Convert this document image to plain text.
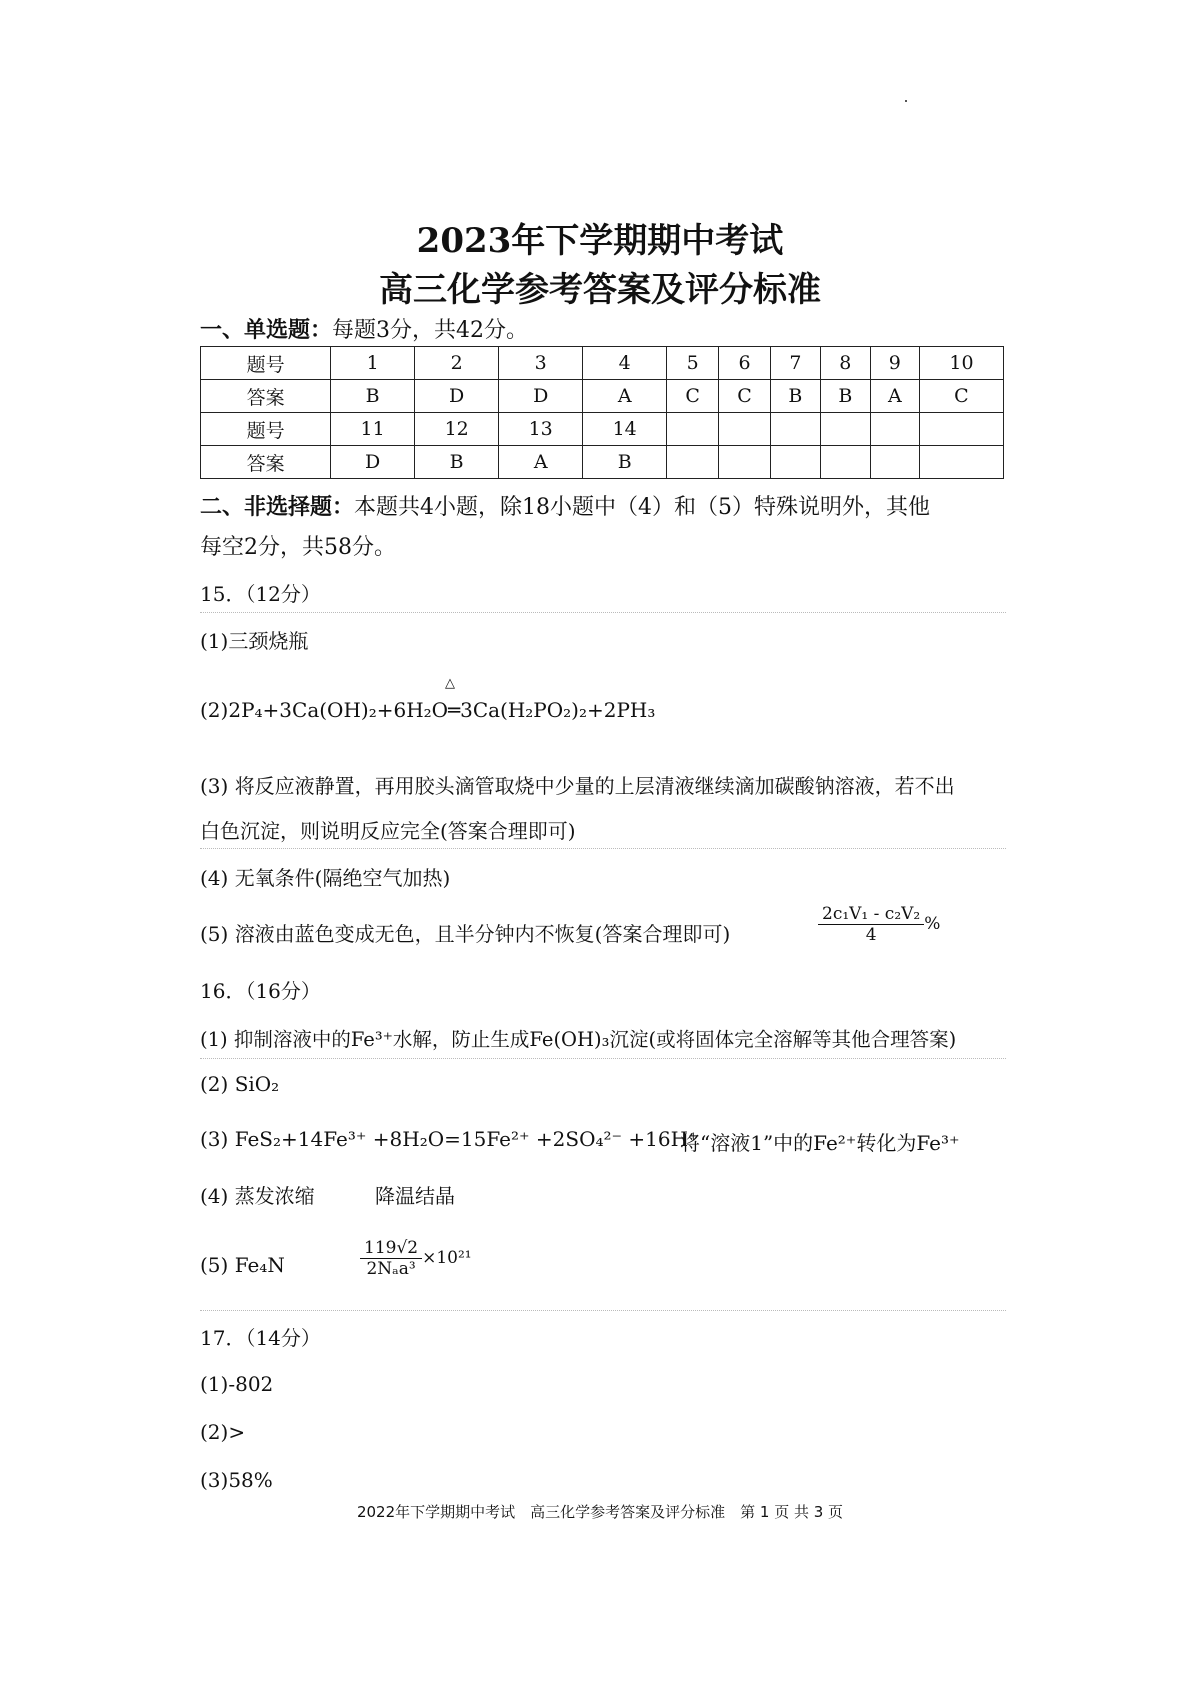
2023年下学期期中考试
高三化学参考答案及评分标准
一、单选题：每题3分，共42分。
题号	1	2	3	4	5	6	7	8	9	10
答案	B	D	D	A	C	C	B	B	A	C
题号	11	12	13	14						
答案	D	B	A	B						
二、非选择题：本题共4小题，除18小题中（4）和（5）特殊说明外，其他
每空2分，共58分。
15．（12分）
(1)三颈烧瓶
(2)2P₄+3Ca(OH)₂+6H₂O═3Ca(H₂PO₂)₂+2PH₃
△
(3) 将反应液静置，再用胶头滴管取烧中少量的上层清液继续滴加碳酸钠溶液，若不出
白色沉淀，则说明反应完全(答案合理即可)
(4) 无氧条件(隔绝空气加热)
(5) 溶液由蓝色变成无色，且半分钟内不恢复(答案合理即可)	$\frac{\text{2c₁V₁ - c₂V₂}}{4}$ %
16．（16分）
(1) 抑制溶液中的Fe³⁺水解，防止生成Fe(OH)₃沉淀(或将固体完全溶解等其他合理答案)
(2) SiO₂
(3) FeS₂+14Fe³⁺ +8H₂O=15Fe²⁺ +2SO₄²⁻ +16H⁺
将“溶液1”中的Fe²⁺转化为Fe³⁺
(4) 蒸发浓缩	降温结晶
(5) Fe₄N	$\frac{119√2}{\text{2Nₐa³}} \times 10^{21}$
17．（14分）
(1)-802
(2)>
(3)58%
2022年下学期期中考试　高三化学参考答案及评分标准　第 1 页 共 3 页
